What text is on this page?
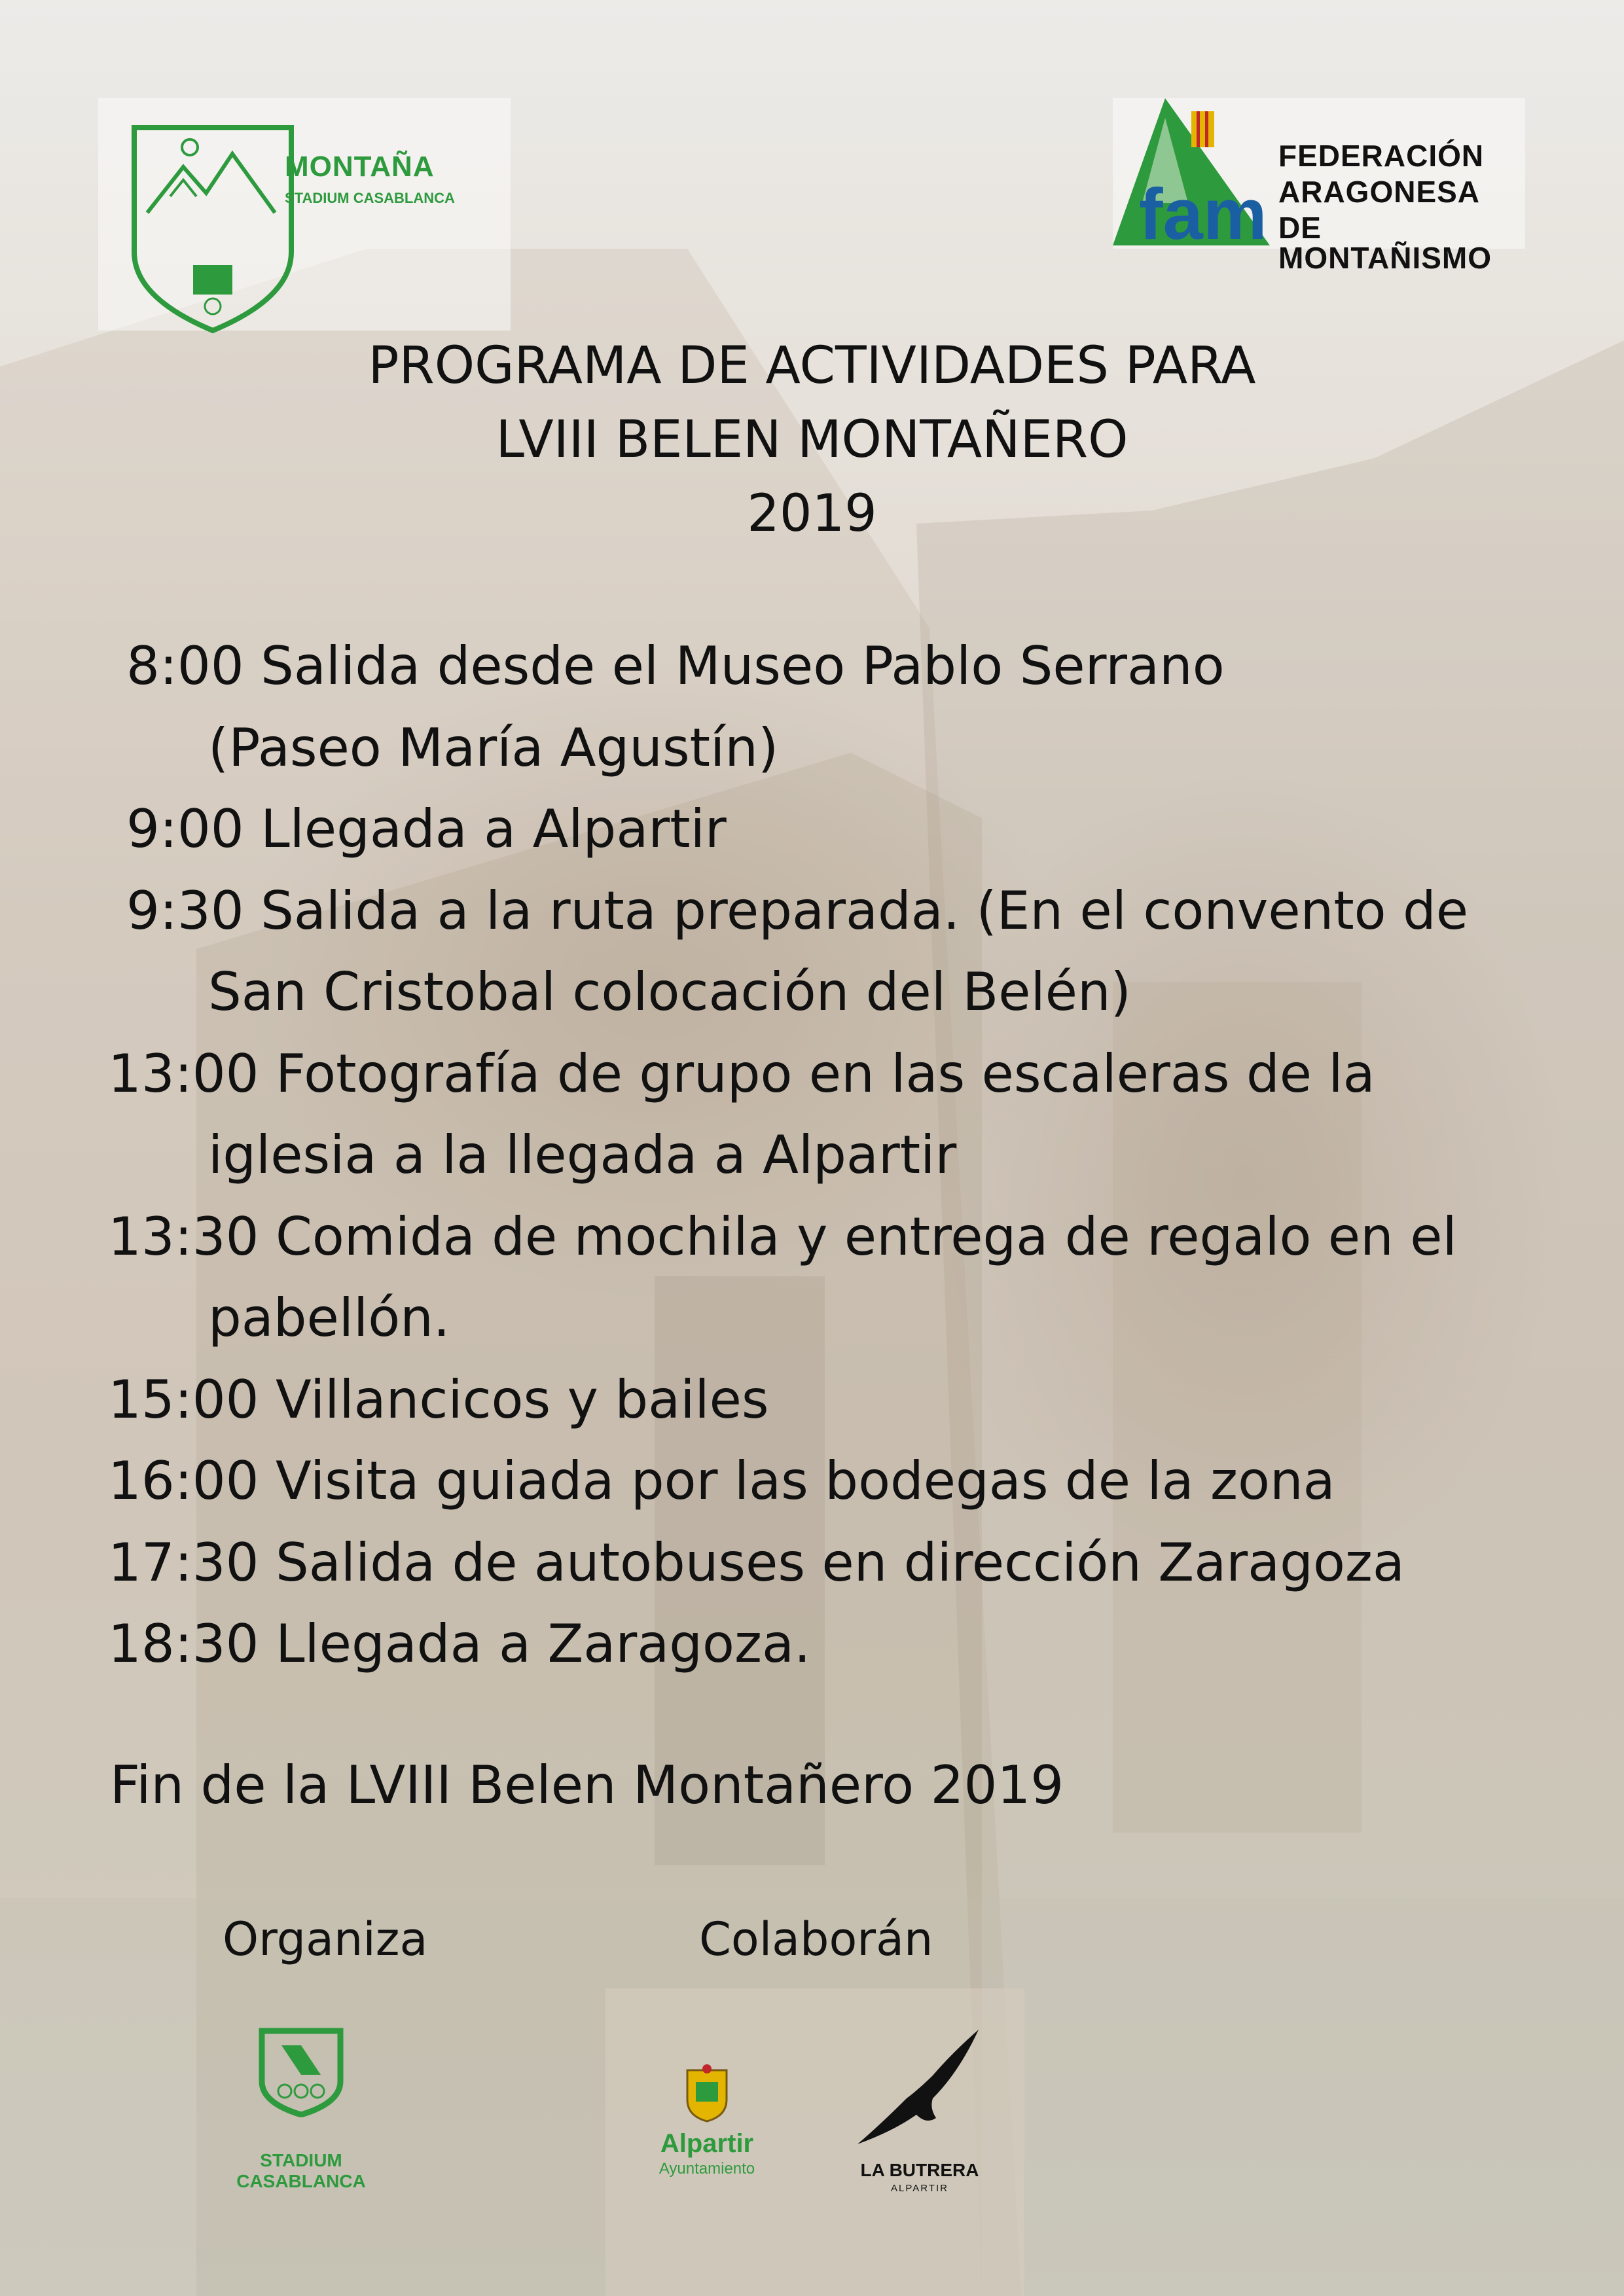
MONTAÑA
STADIUM CASABLANCA	fam
FEDERACIÓN
ARAGONESA
DE MONTAÑISMO
PROGRAMA DE ACTIVIDADES PARA
LVIII BELEN MONTAÑERO
2019
8:00 Salida desde el Museo Pablo Serrano
(Paseo María Agustín)
9:00 Llegada a Alpartir
9:30 Salida a la ruta preparada. (En el convento de
San Cristobal colocación del Belén)
13:00 Fotografía de grupo en las escaleras de la
iglesia a la llegada a Alpartir
13:30 Comida de mochila y entrega de regalo en el
pabellón.
15:00 Villancicos y bailes
16:00 Visita guiada por las bodegas de la zona
17:30 Salida de autobuses en dirección Zaragoza
18:30 Llegada a Zaragoza.
Fin de la LVIII Belen Montañero 2019
Organiza	Colaborán
STADIUM
CASABLANCA
Alpartir
Ayuntamiento	LA BUTRERA
ALPARTIR
